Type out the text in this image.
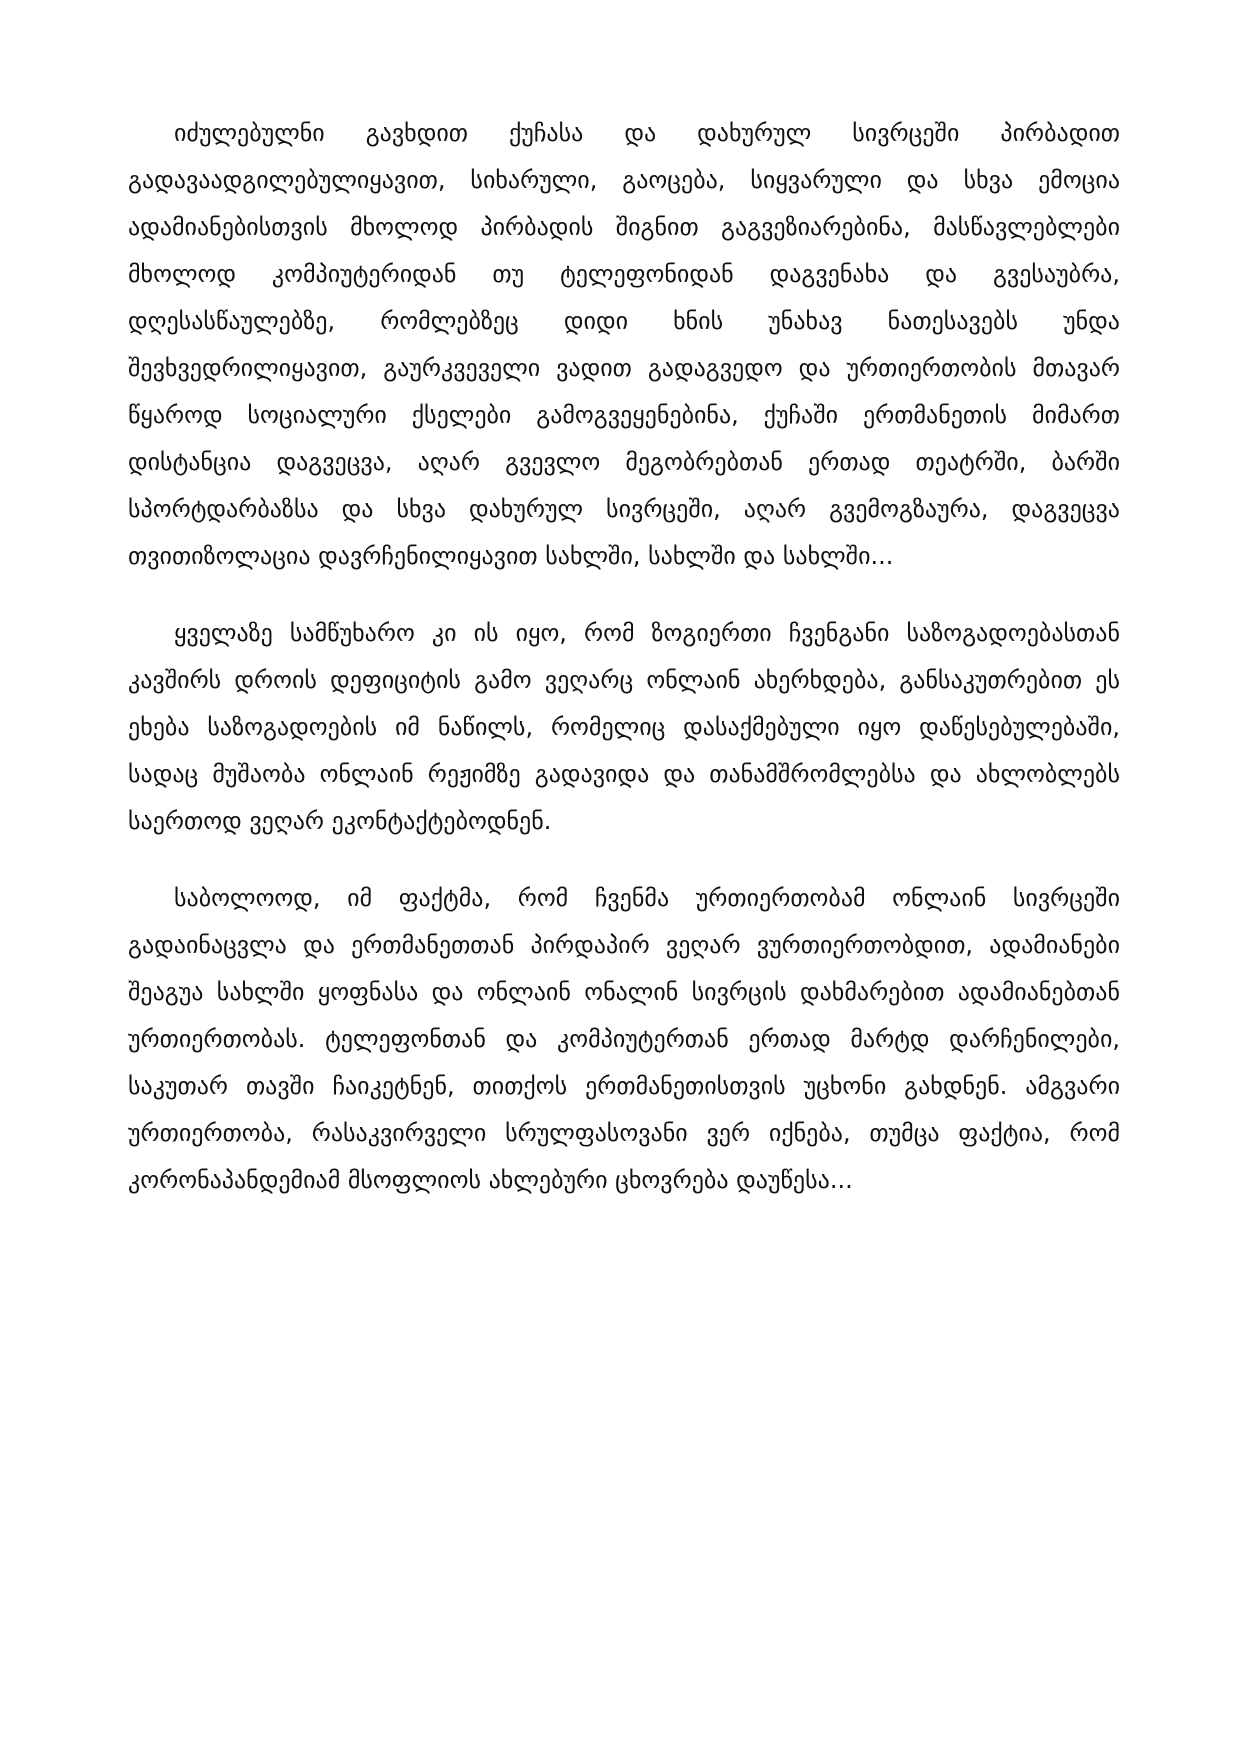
იძულებულნი გავხდით ქუჩასა და დახურულ სივრცეში პირბადით გადავაადგილებულიყავით, სიხარული, გაოცება, სიყვარული და სხვა ემოცია ადამიანებისთვის მხოლოდ პირბადის შიგნით გაგვეზიარებინა, მასწავლებლები მხოლოდ კომპიუტერიდან თუ ტელეფონიდან დაგვენახა და გვესაუბრა, დღესასწაულებზე, რომლებზეც დიდი ხნის უნახავ ნათესავებს უნდა შევხვედრილიყავით, გაურკვეველი ვადით გადაგვედო და ურთიერთობის მთავარ წყაროდ სოციალური ქსელები გამოგვეყენებინა, ქუჩაში ერთმანეთის მიმართ დისტანცია დაგვეცვა, აღარ გვევლო მეგობრებთან ერთად თეატრში, ბარში სპორტდარბაზსა და სხვა დახურულ სივრცეში, აღარ გვემოგზაურა, დაგვეცვა თვითიზოლაცია დავრჩენილიყავით სახლში, სახლში და სახლში...

ყველაზე სამწუხარო კი ის იყო, რომ ზოგიერთი ჩვენგანი საზოგადოებასთან კავშირს დროის დეფიციტის გამო ვეღარც ონლაინ ახერხდება, განსაკუთრებით ეს ეხება საზოგადოების იმ ნაწილს, რომელიც დასაქმებული იყო დაწესებულებაში, სადაც მუშაობა ონლაინ რეჟიმზე გადავიდა და თანამშრომლებსა და ახლობლებს საერთოდ ვეღარ ეკონტაქტებოდნენ.

საბოლოოდ, იმ ფაქტმა, რომ ჩვენმა ურთიერთობამ ონლაინ სივრცეში გადაინაცვლა და ერთმანეთთან პირდაპირ ვეღარ ვურთიერთობდით, ადამიანები შეაგუა სახლში ყოფნასა და ონლაინ ონალინ სივრცის დახმარებით ადამიანებთან ურთიერთობას. ტელეფონთან და კომპიუტერთან ერთად მარტდ დარჩენილები, საკუთარ თავში ჩაიკეტნენ, თითქოს ერთმანეთისთვის უცხონი გახდნენ. ამგვარი ურთიერთობა, რასაკვირველი სრულფასოვანი ვერ იქნება, თუმცა ფაქტია, რომ კორონაპანდემიამ მსოფლიოს ახლებური ცხოვრება დაუწესა...
